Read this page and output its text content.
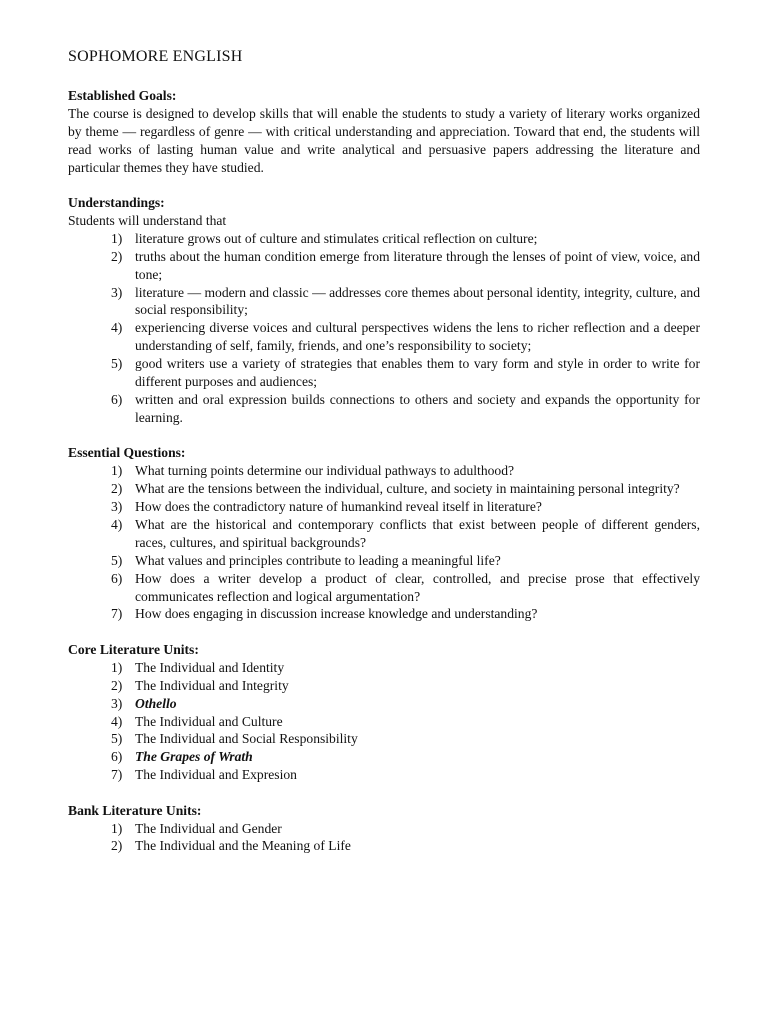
SOPHOMORE ENGLISH
Established Goals:

The course is designed to develop skills that will enable the students to study a variety of literary works organized by theme — regardless of genre — with critical understanding and appreciation. Toward that end, the students will read works of lasting human value and write analytical and persuasive papers addressing the literature and particular themes they have studied.

Understandings:

Students will understand that

1) literature grows out of culture and stimulates critical reflection on culture;
2) truths about the human condition emerge from literature through the lenses of point of view, voice, and tone;
3) literature — modern and classic — addresses core themes about personal identity, integrity, culture, and social responsibility;
4) experiencing diverse voices and cultural perspectives widens the lens to richer reflection and a deeper understanding of self, family, friends, and one’s responsibility to society;
5) good writers use a variety of strategies that enables them to vary form and style in order to write for different purposes and audiences;
6) written and oral expression builds connections to others and society and expands the opportunity for learning.
Essential Questions:
1) What turning points determine our individual pathways to adulthood?
2) What are the tensions between the individual, culture, and society in maintaining personal integrity?
3) How does the contradictory nature of humankind reveal itself in literature?
4) What are the historical and contemporary conflicts that exist between people of different genders, races, cultures, and spiritual backgrounds?
5) What values and principles contribute to leading a meaningful life?
6) How does a writer develop a product of clear, controlled, and precise prose that effectively communicates reflection and logical argumentation?
7) How does engaging in discussion increase knowledge and understanding?
Core Literature Units:
1) The Individual and Identity
2) The Individual and Integrity
3) Othello
4) The Individual and Culture
5) The Individual and Social Responsibility
6) The Grapes of Wrath
7) The Individual and Expresion
Bank Literature Units:
1) The Individual and Gender
2) The Individual and the Meaning of Life
